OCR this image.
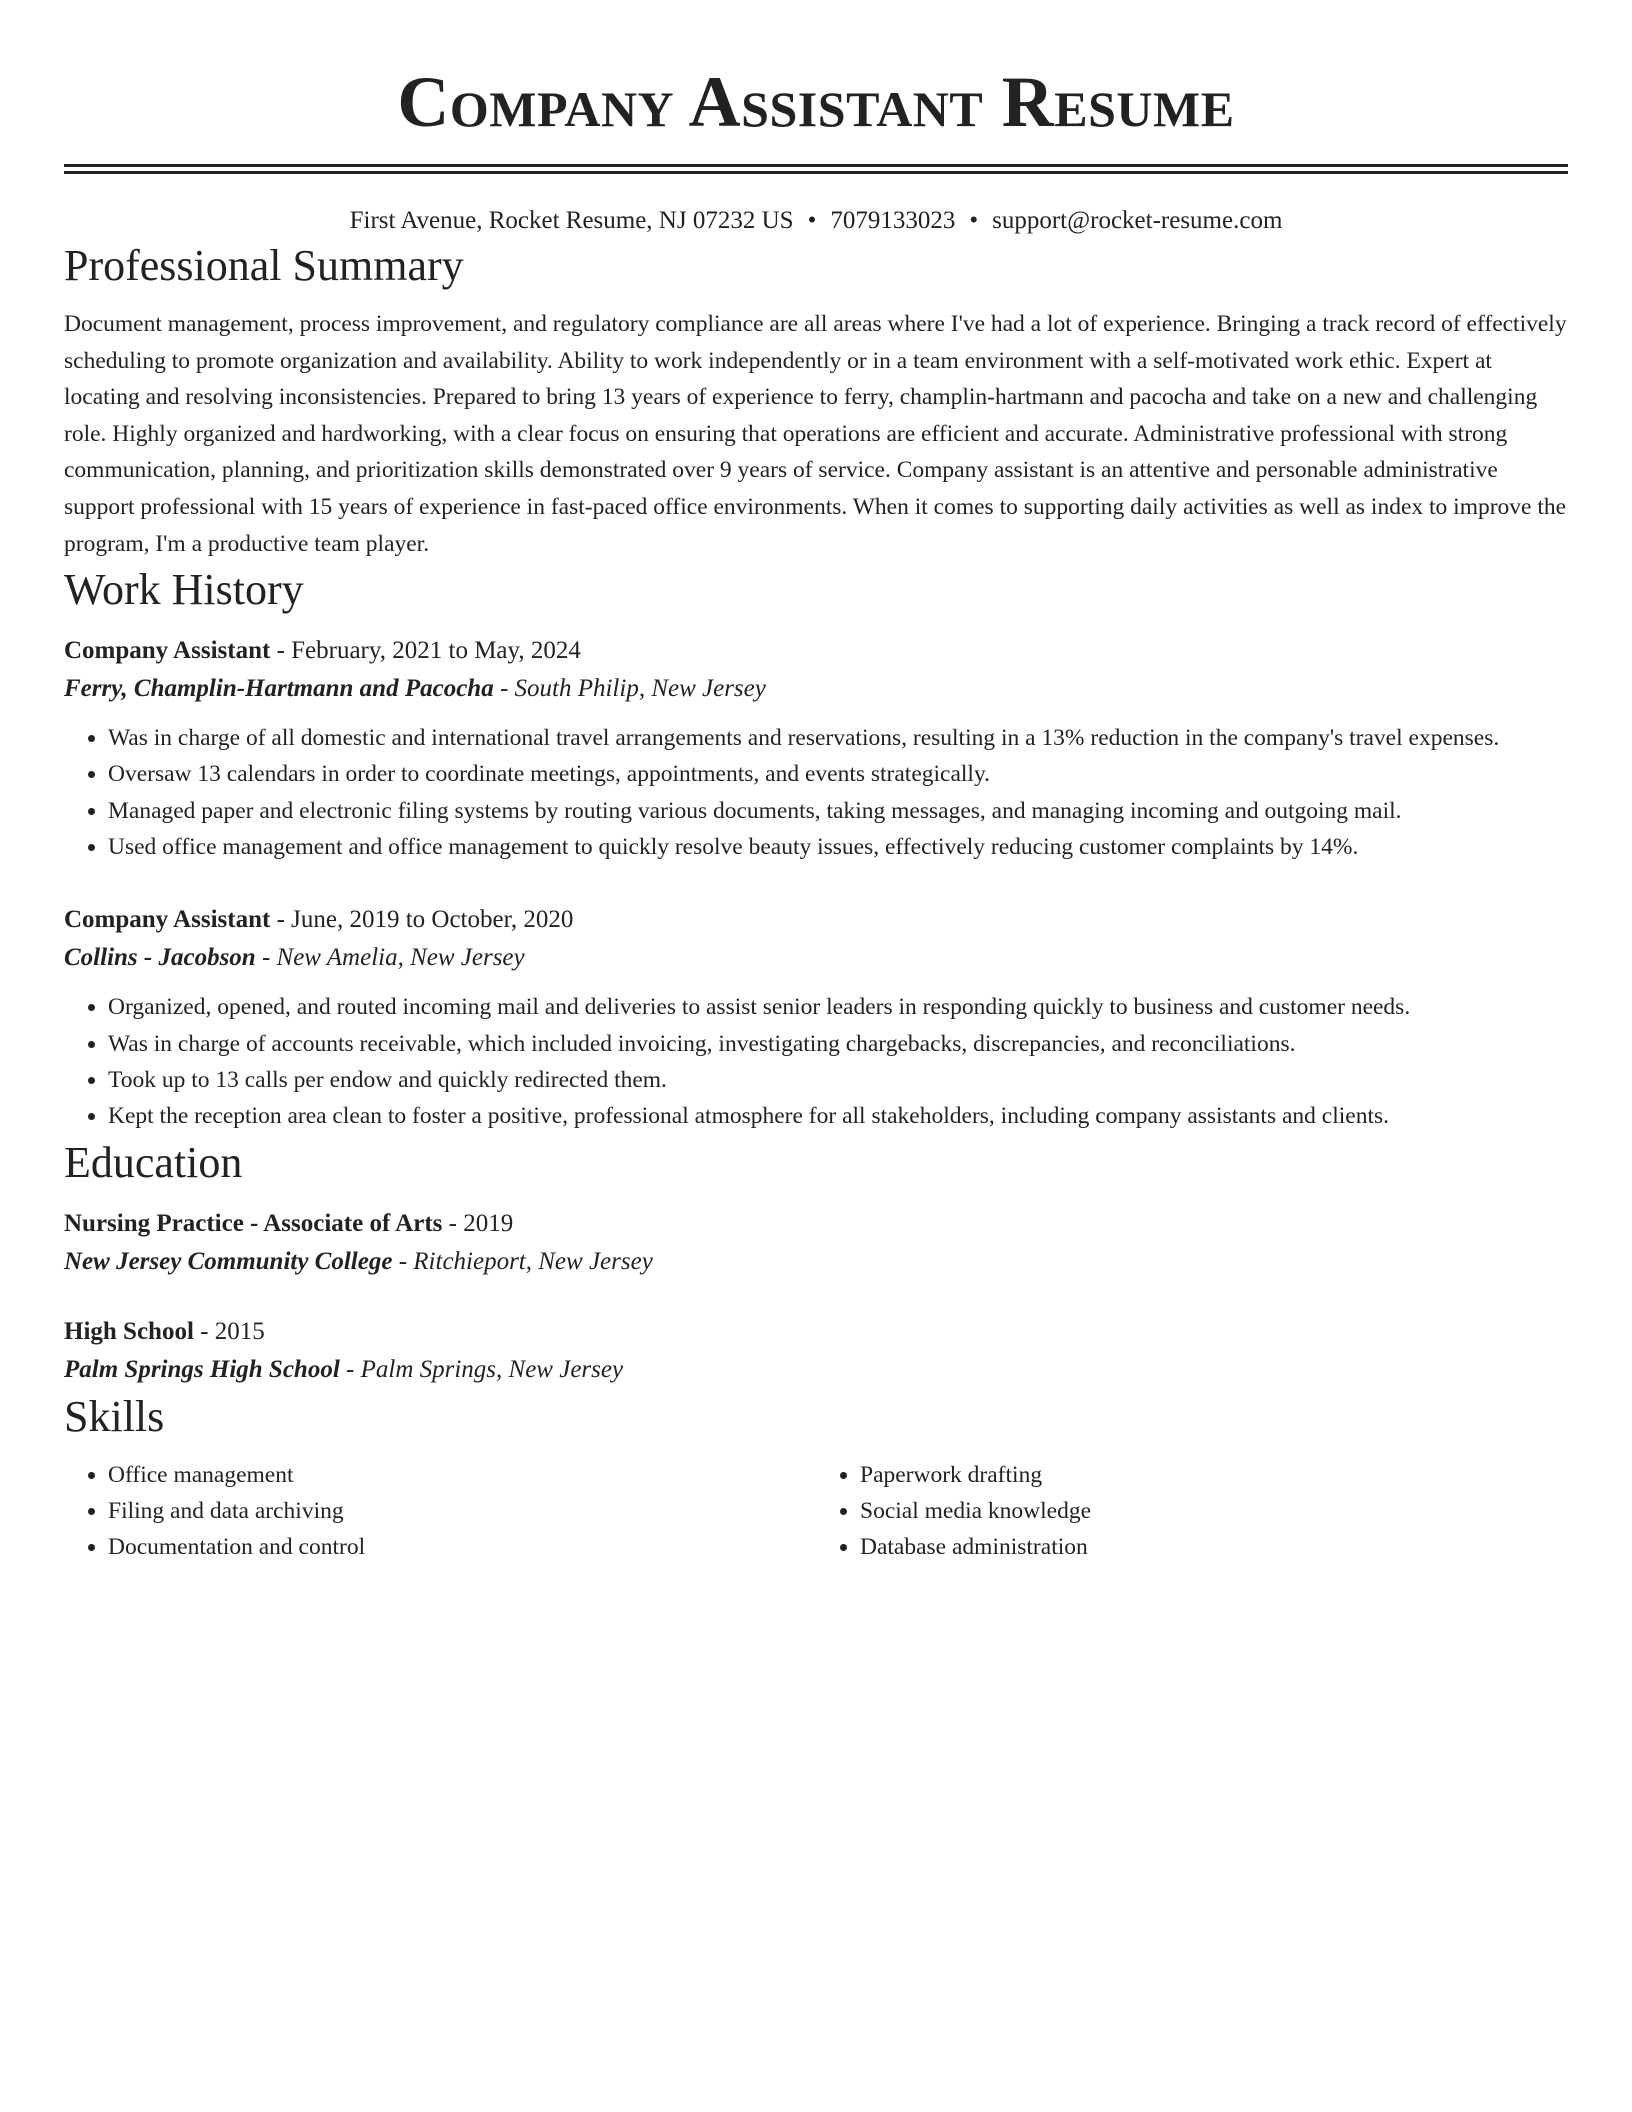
Company Assistant Resume
First Avenue, Rocket Resume, NJ 07232 US • 7079133023 • support@rocket-resume.com
Professional Summary

Document management, process improvement, and regulatory compliance are all areas where I've had a lot of experience. Bringing a track record of effectively scheduling to promote organization and availability. Ability to work independently or in a team environment with a self-motivated work ethic. Expert at locating and resolving inconsistencies. Prepared to bring 13 years of experience to ferry, champlin-hartmann and pacocha and take on a new and challenging role. Highly organized and hardworking, with a clear focus on ensuring that operations are efficient and accurate. Administrative professional with strong communication, planning, and prioritization skills demonstrated over 9 years of service. Company assistant is an attentive and personable administrative support professional with 15 years of experience in fast-paced office environments. When it comes to supporting daily activities as well as index to improve the program, I'm a productive team player.

Work History
Company Assistant - February, 2021 to May, 2024
Ferry, Champlin-Hartmann and Pacocha - South Philip, New Jersey
• Was in charge of all domestic and international travel arrangements and reservations, resulting in a 13% reduction in the company's travel expenses.
• Oversaw 13 calendars in order to coordinate meetings, appointments, and events strategically.
• Managed paper and electronic filing systems by routing various documents, taking messages, and managing incoming and outgoing mail.
• Used office management and office management to quickly resolve beauty issues, effectively reducing customer complaints by 14%.
Company Assistant - June, 2019 to October, 2020
Collins - Jacobson - New Amelia, New Jersey
• Organized, opened, and routed incoming mail and deliveries to assist senior leaders in responding quickly to business and customer needs.
• Was in charge of accounts receivable, which included invoicing, investigating chargebacks, discrepancies, and reconciliations.
• Took up to 13 calls per endow and quickly redirected them.
• Kept the reception area clean to foster a positive, professional atmosphere for all stakeholders, including company assistants and clients.
Education
Nursing Practice - Associate of Arts - 2019
New Jersey Community College - Ritchieport, New Jersey
High School - 2015
Palm Springs High School - Palm Springs, New Jersey
Skills
• Office management
• Filing and data archiving
• Documentation and control
• Paperwork drafting
• Social media knowledge
• Database administration
